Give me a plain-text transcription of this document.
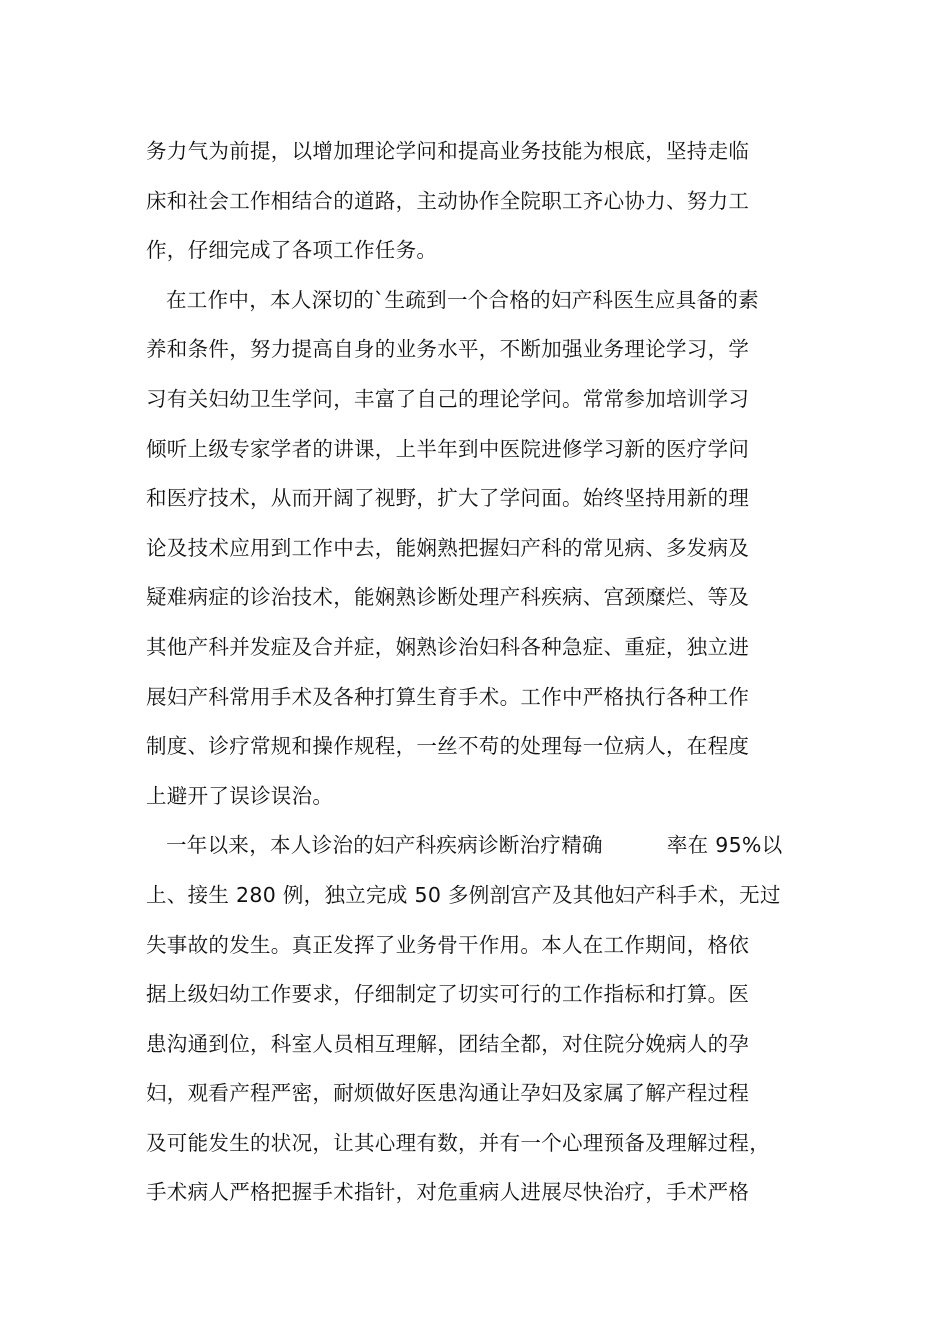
务力气为前提，以增加理论学问和提高业务技能为根底，坚持走临
床和社会工作相结合的道路，主动协作全院职工齐心协力、努力工
作，仔细完成了各项工作任务。
在工作中，本人深切的`生疏到一个合格的妇产科医生应具备的素
养和条件，努力提高自身的业务水平，不断加强业务理论学习，学
习有关妇幼卫生学问，丰富了自己的理论学问。常常参加培训学习
倾听上级专家学者的讲课，上半年到中医院进修学习新的医疗学问
和医疗技术，从而开阔了视野，扩大了学问面。始终坚持用新的理
论及技术应用到工作中去，能娴熟把握妇产科的常见病、多发病及
疑难病症的诊治技术，能娴熟诊断处理产科疾病、宫颈糜烂、等及
其他产科并发症及合并症，娴熟诊治妇科各种急症、重症，独立进
展妇产科常用手术及各种打算生育手术。工作中严格执行各种工作
制度、诊疗常规和操作规程，一丝不苟的处理每一位病人，在程度
上避开了误诊误治。
一年以来，本人诊治的妇产科疾病诊断治疗精确	率在 95%以
上、接生 280 例，独立完成 50 多例剖宫产及其他妇产科手术，无过
失事故的发生。真正发挥了业务骨干作用。本人在工作期间，格依
据上级妇幼工作要求，仔细制定了切实可行的工作指标和打算。医
患沟通到位，科室人员相互理解，团结全都，对住院分娩病人的孕
妇，观看产程严密，耐烦做好医患沟通让孕妇及家属了解产程过程
及可能发生的状况，让其心理有数，并有一个心理预备及理解过程，
手术病人严格把握手术指针，对危重病人进展尽快治疗，手术严格
